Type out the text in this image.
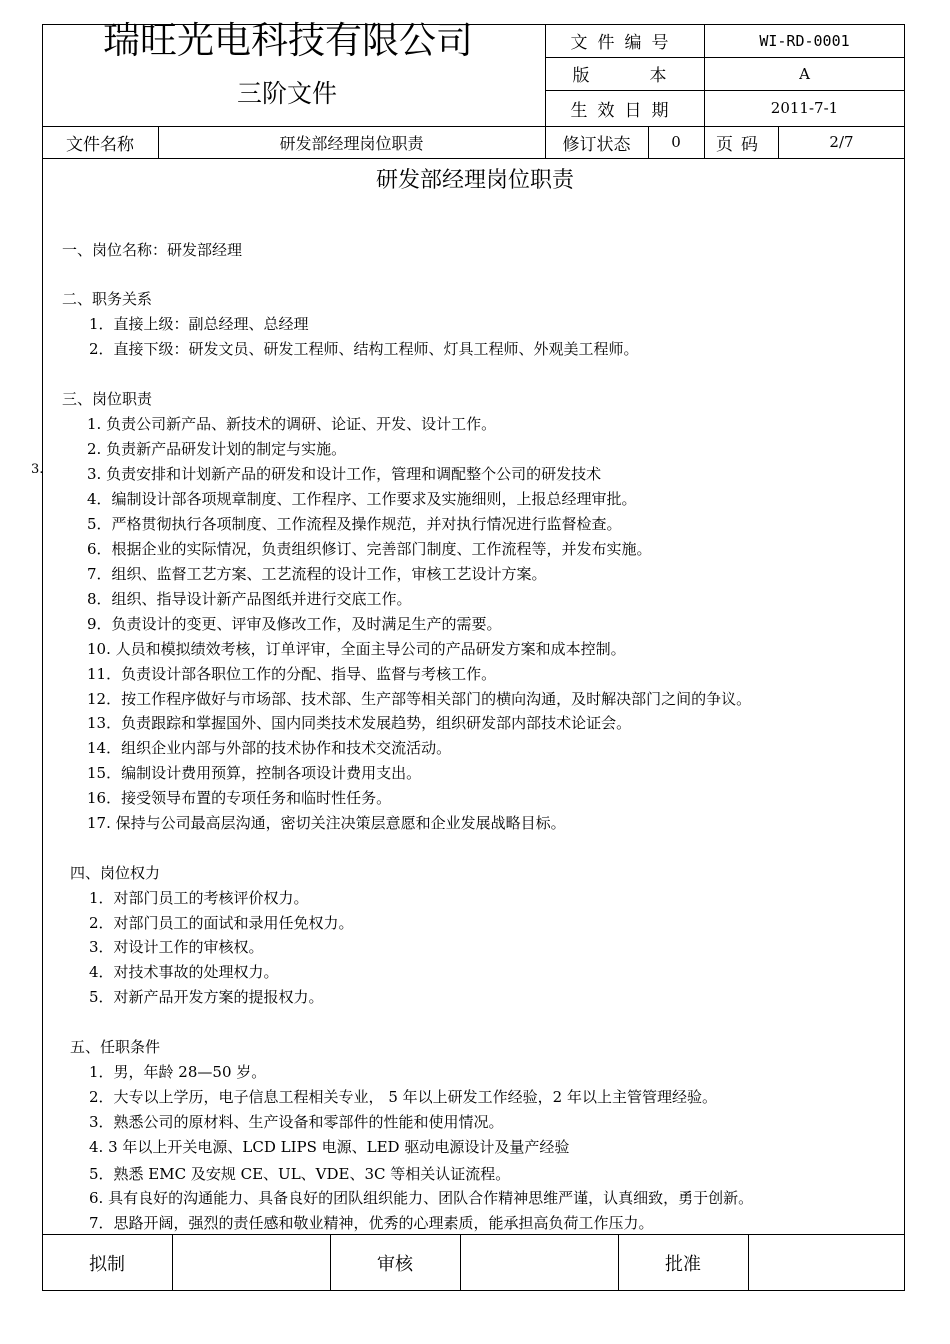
瑞旺光电科技有限公司
三阶文件
文件编号	WI-RD-0001
版本	A
生效日期	2011-7-1
文件名称	研发部经理岗位职责	修订状态	0	页码	2/7
研发部经理岗位职责
3.
一、岗位名称：研发部经理
二、职务关系
1．直接上级：副总经理、总经理
2．直接下级：研发文员、研发工程师、结构工程师、灯具工程师、外观美工程师。
三、岗位职责
1. 负责公司新产品、新技术的调研、论证、开发、设计工作。
2. 负责新产品研发计划的制定与实施。
3. 负责安排和计划新产品的研发和设计工作，管理和调配整个公司的研发技术
4．编制设计部各项规章制度、工作程序、工作要求及实施细则，上报总经理审批。
5．严格贯彻执行各项制度、工作流程及操作规范，并对执行情况进行监督检查。
6．根据企业的实际情况，负责组织修订、完善部门制度、工作流程等，并发布实施。
7．组织、监督工艺方案、工艺流程的设计工作，审核工艺设计方案。
8．组织、指导设计新产品图纸并进行交底工作。
9．负责设计的变更、评审及修改工作，及时满足生产的需要。
10. 人员和模拟绩效考核，订单评审，全面主导公司的产品研发方案和成本控制。
11．负责设计部各职位工作的分配、指导、监督与考核工作。
12．按工作程序做好与市场部、技术部、生产部等相关部门的横向沟通，及时解决部门之间的争议。
13．负责跟踪和掌握国外、国内同类技术发展趋势，组织研发部内部技术论证会。
14．组织企业内部与外部的技术协作和技术交流活动。
15．编制设计费用预算，控制各项设计费用支出。
16．接受领导布置的专项任务和临时性任务。
17. 保持与公司最高层沟通，密切关注决策层意愿和企业发展战略目标。
四、岗位权力
1．对部门员工的考核评价权力。
2．对部门员工的面试和录用任免权力。
3．对设计工作的审核权。
4．对技术事故的处理权力。
5．对新产品开发方案的提报权力。
五、任职条件
1．男，年龄 28—50 岁。
2．大专以上学历，电子信息工程相关专业， 5 年以上研发工作经验，2 年以上主管管理经验。
3．熟悉公司的原材料、生产设备和零部件的性能和使用情况。
4. 3 年以上开关电源、LCD LIPS 电源、LED 驱动电源设计及量产经验
5．熟悉 EMC 及安规 CE、UL、VDE、3C 等相关认证流程。
6. 具有良好的沟通能力、具备良好的团队组织能力、团队合作精神思维严谨，认真细致，勇于创新。
7．思路开阔，强烈的责任感和敬业精神，优秀的心理素质，能承担高负荷工作压力。
拟制	审核	批准
